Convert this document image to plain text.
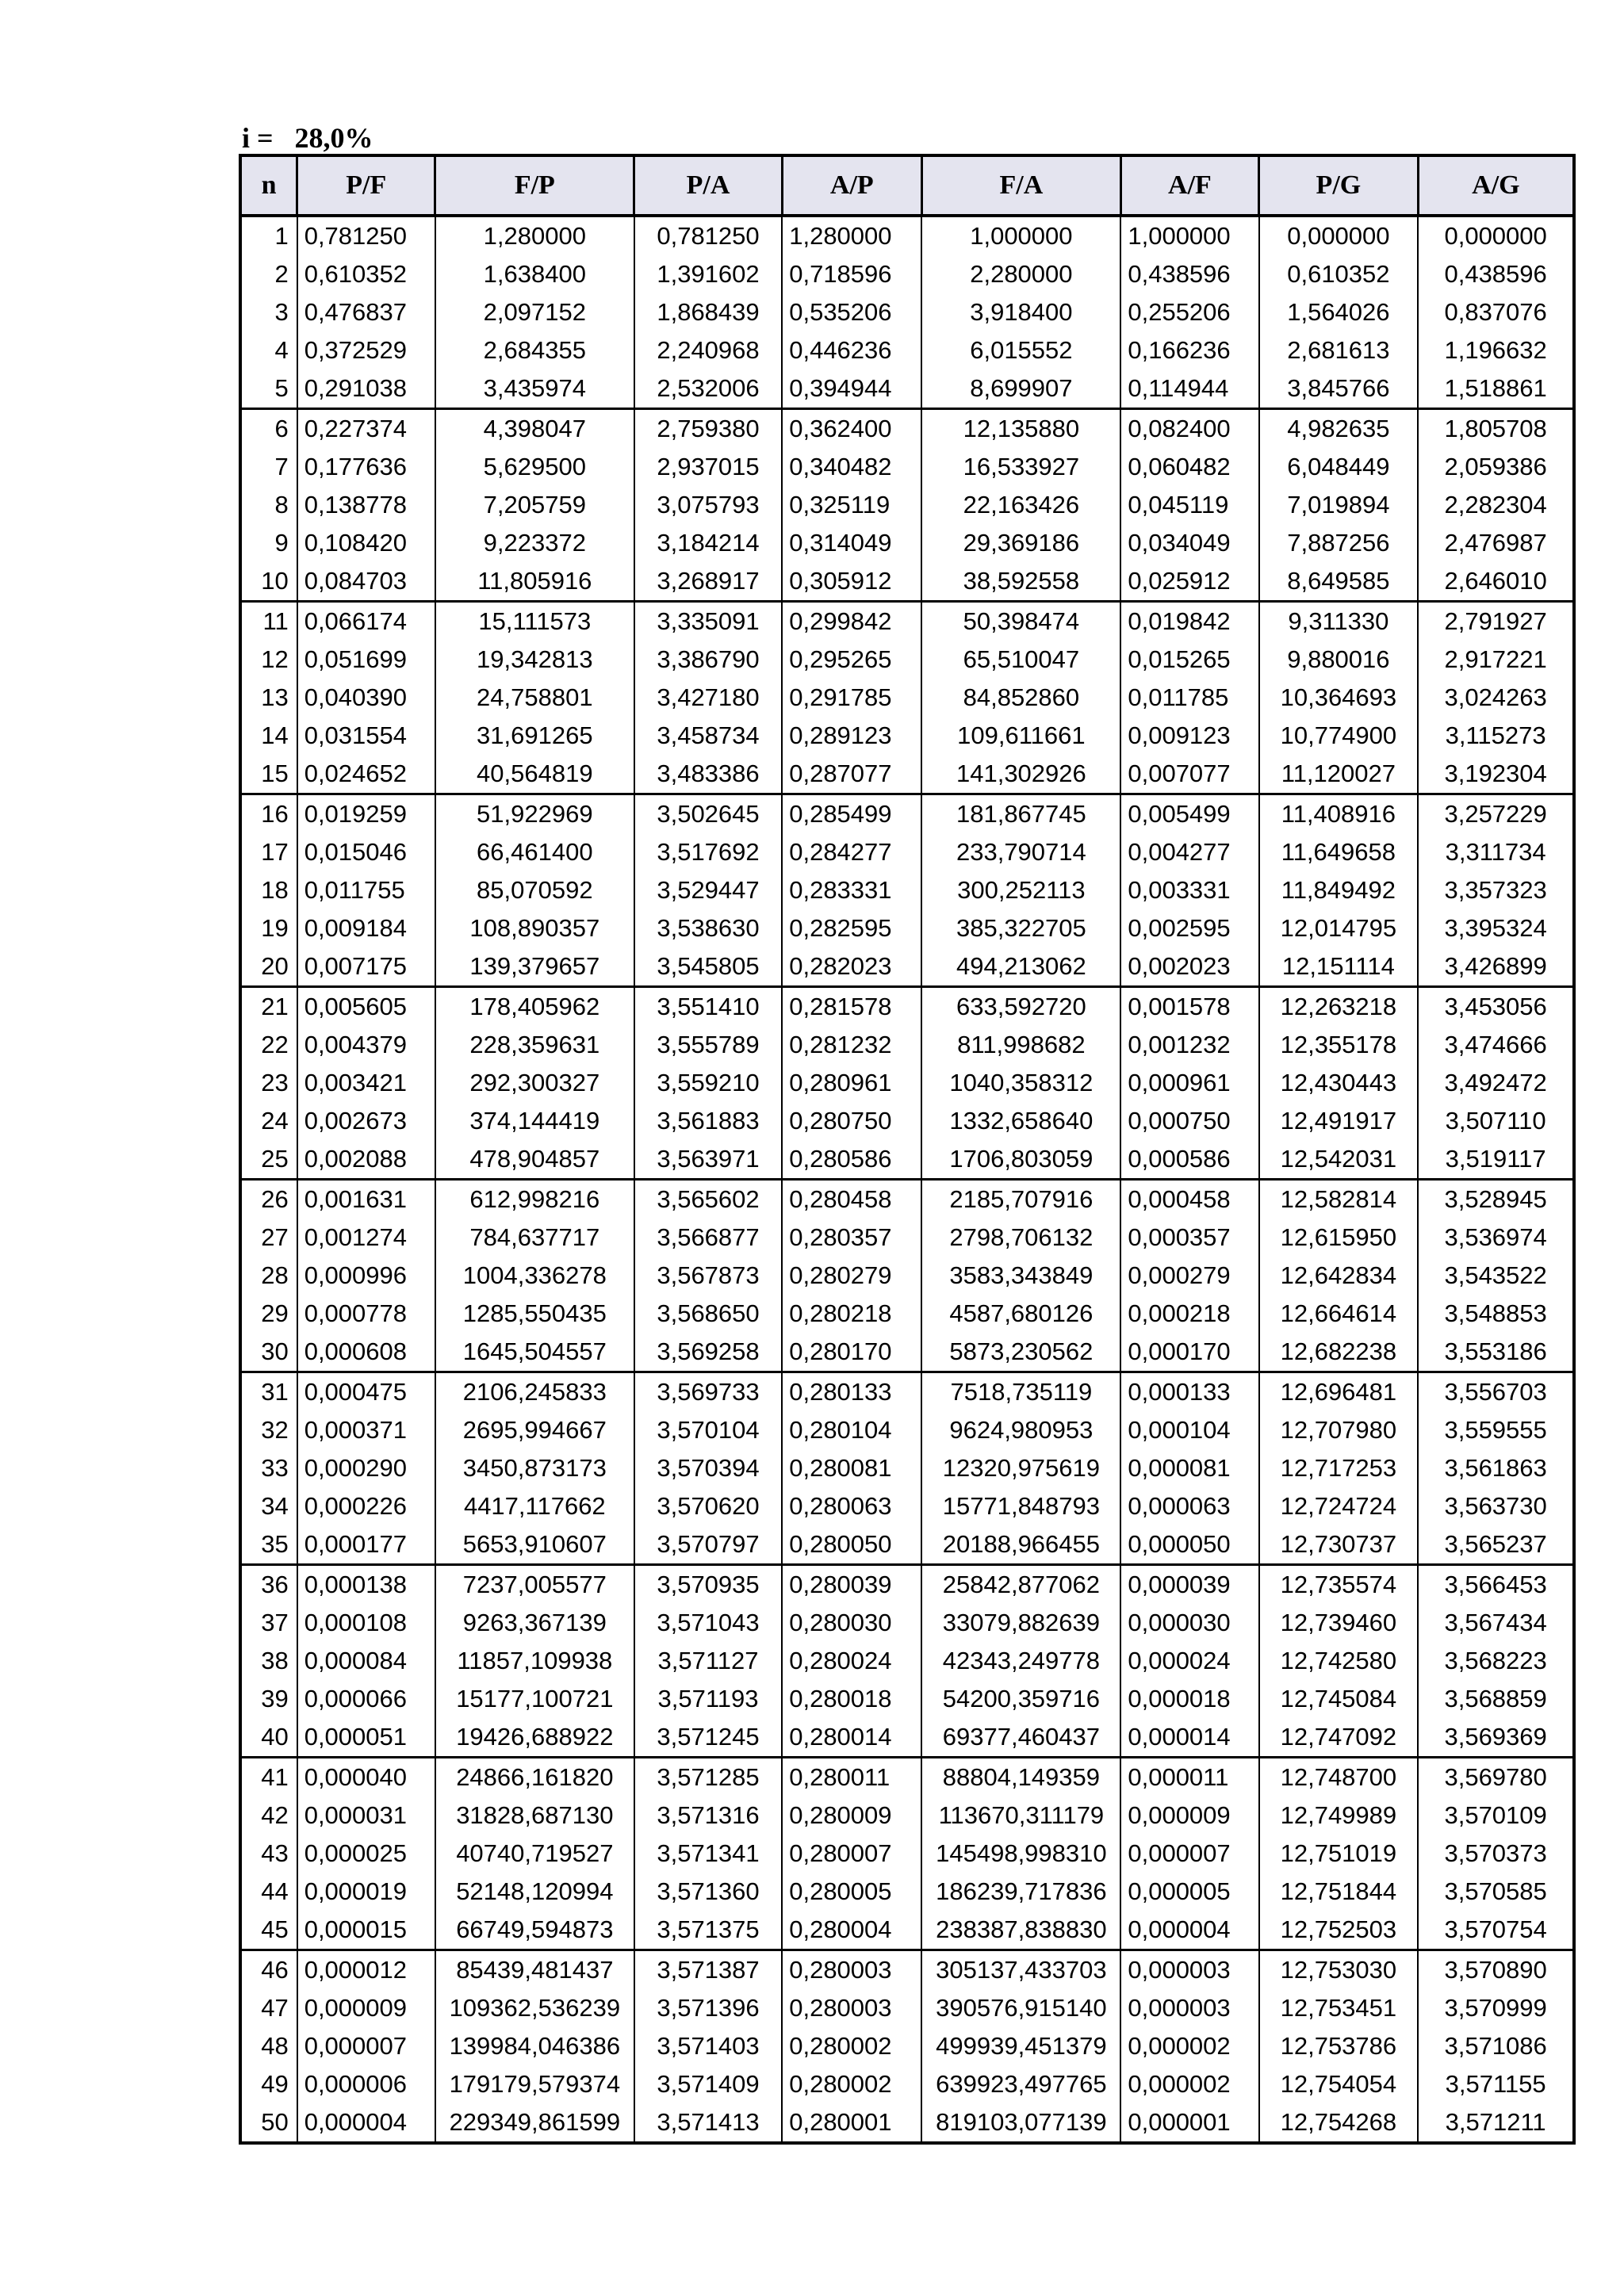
i = 28,0%
n	P/F	F/P	P/A	A/P	F/A	A/F	P/G	A/G
1	0,781250	1,280000	0,781250	1,280000	1,000000	1,000000	0,000000	0,000000
2	0,610352	1,638400	1,391602	0,718596	2,280000	0,438596	0,610352	0,438596
3	0,476837	2,097152	1,868439	0,535206	3,918400	0,255206	1,564026	0,837076
4	0,372529	2,684355	2,240968	0,446236	6,015552	0,166236	2,681613	1,196632
5	0,291038	3,435974	2,532006	0,394944	8,699907	0,114944	3,845766	1,518861
6	0,227374	4,398047	2,759380	0,362400	12,135880	0,082400	4,982635	1,805708
7	0,177636	5,629500	2,937015	0,340482	16,533927	0,060482	6,048449	2,059386
8	0,138778	7,205759	3,075793	0,325119	22,163426	0,045119	7,019894	2,282304
9	0,108420	9,223372	3,184214	0,314049	29,369186	0,034049	7,887256	2,476987
10	0,084703	11,805916	3,268917	0,305912	38,592558	0,025912	8,649585	2,646010
11	0,066174	15,111573	3,335091	0,299842	50,398474	0,019842	9,311330	2,791927
12	0,051699	19,342813	3,386790	0,295265	65,510047	0,015265	9,880016	2,917221
13	0,040390	24,758801	3,427180	0,291785	84,852860	0,011785	10,364693	3,024263
14	0,031554	31,691265	3,458734	0,289123	109,611661	0,009123	10,774900	3,115273
15	0,024652	40,564819	3,483386	0,287077	141,302926	0,007077	11,120027	3,192304
16	0,019259	51,922969	3,502645	0,285499	181,867745	0,005499	11,408916	3,257229
17	0,015046	66,461400	3,517692	0,284277	233,790714	0,004277	11,649658	3,311734
18	0,011755	85,070592	3,529447	0,283331	300,252113	0,003331	11,849492	3,357323
19	0,009184	108,890357	3,538630	0,282595	385,322705	0,002595	12,014795	3,395324
20	0,007175	139,379657	3,545805	0,282023	494,213062	0,002023	12,151114	3,426899
21	0,005605	178,405962	3,551410	0,281578	633,592720	0,001578	12,263218	3,453056
22	0,004379	228,359631	3,555789	0,281232	811,998682	0,001232	12,355178	3,474666
23	0,003421	292,300327	3,559210	0,280961	1040,358312	0,000961	12,430443	3,492472
24	0,002673	374,144419	3,561883	0,280750	1332,658640	0,000750	12,491917	3,507110
25	0,002088	478,904857	3,563971	0,280586	1706,803059	0,000586	12,542031	3,519117
26	0,001631	612,998216	3,565602	0,280458	2185,707916	0,000458	12,582814	3,528945
27	0,001274	784,637717	3,566877	0,280357	2798,706132	0,000357	12,615950	3,536974
28	0,000996	1004,336278	3,567873	0,280279	3583,343849	0,000279	12,642834	3,543522
29	0,000778	1285,550435	3,568650	0,280218	4587,680126	0,000218	12,664614	3,548853
30	0,000608	1645,504557	3,569258	0,280170	5873,230562	0,000170	12,682238	3,553186
31	0,000475	2106,245833	3,569733	0,280133	7518,735119	0,000133	12,696481	3,556703
32	0,000371	2695,994667	3,570104	0,280104	9624,980953	0,000104	12,707980	3,559555
33	0,000290	3450,873173	3,570394	0,280081	12320,975619	0,000081	12,717253	3,561863
34	0,000226	4417,117662	3,570620	0,280063	15771,848793	0,000063	12,724724	3,563730
35	0,000177	5653,910607	3,570797	0,280050	20188,966455	0,000050	12,730737	3,565237
36	0,000138	7237,005577	3,570935	0,280039	25842,877062	0,000039	12,735574	3,566453
37	0,000108	9263,367139	3,571043	0,280030	33079,882639	0,000030	12,739460	3,567434
38	0,000084	11857,109938	3,571127	0,280024	42343,249778	0,000024	12,742580	3,568223
39	0,000066	15177,100721	3,571193	0,280018	54200,359716	0,000018	12,745084	3,568859
40	0,000051	19426,688922	3,571245	0,280014	69377,460437	0,000014	12,747092	3,569369
41	0,000040	24866,161820	3,571285	0,280011	88804,149359	0,000011	12,748700	3,569780
42	0,000031	31828,687130	3,571316	0,280009	113670,311179	0,000009	12,749989	3,570109
43	0,000025	40740,719527	3,571341	0,280007	145498,998310	0,000007	12,751019	3,570373
44	0,000019	52148,120994	3,571360	0,280005	186239,717836	0,000005	12,751844	3,570585
45	0,000015	66749,594873	3,571375	0,280004	238387,838830	0,000004	12,752503	3,570754
46	0,000012	85439,481437	3,571387	0,280003	305137,433703	0,000003	12,753030	3,570890
47	0,000009	109362,536239	3,571396	0,280003	390576,915140	0,000003	12,753451	3,570999
48	0,000007	139984,046386	3,571403	0,280002	499939,451379	0,000002	12,753786	3,571086
49	0,000006	179179,579374	3,571409	0,280002	639923,497765	0,000002	12,754054	3,571155
50	0,000004	229349,861599	3,571413	0,280001	819103,077139	0,000001	12,754268	3,571211
